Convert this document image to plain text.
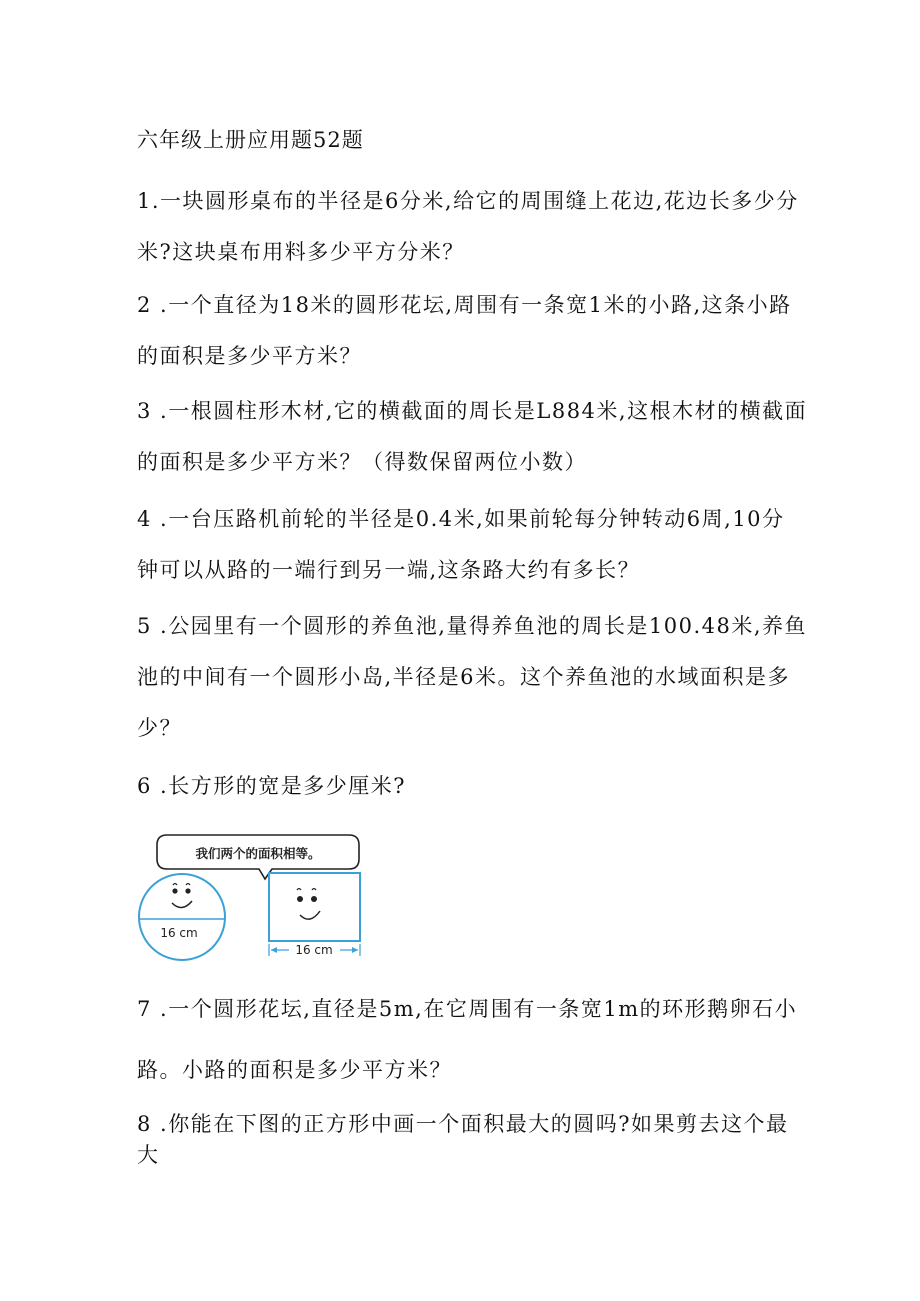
六年级上册应用题52题
1.一块圆形桌布的半径是6分米,给它的周围缝上花边,花边长多少分
米?这块桌布用料多少平方分米？
2 .一个直径为18米的圆形花坛,周围有一条宽1米的小路,这条小路
的面积是多少平方米？
3 .一根圆柱形木材,它的横截面的周长是L884米,这根木材的横截面
的面积是多少平方米？（得数保留两位小数）
4 .一台压路机前轮的半径是0.4米,如果前轮每分钟转动6周,10分
钟可以从路的一端行到另一端,这条路大约有多长？
5 .公园里有一个圆形的养鱼池,量得养鱼池的周长是100.48米,养鱼
池的中间有一个圆形小岛,半径是6米。这个养鱼池的水域面积是多
少？
6 .长方形的宽是多少厘米?
我们两个的面积相等。
16 cm
16 cm
7 .一个圆形花坛,直径是5m,在它周围有一条宽1m的环形鹅卵石小
路。小路的面积是多少平方米？
8 .你能在下图的正方形中画一个面积最大的圆吗?如果剪去这个最
大
